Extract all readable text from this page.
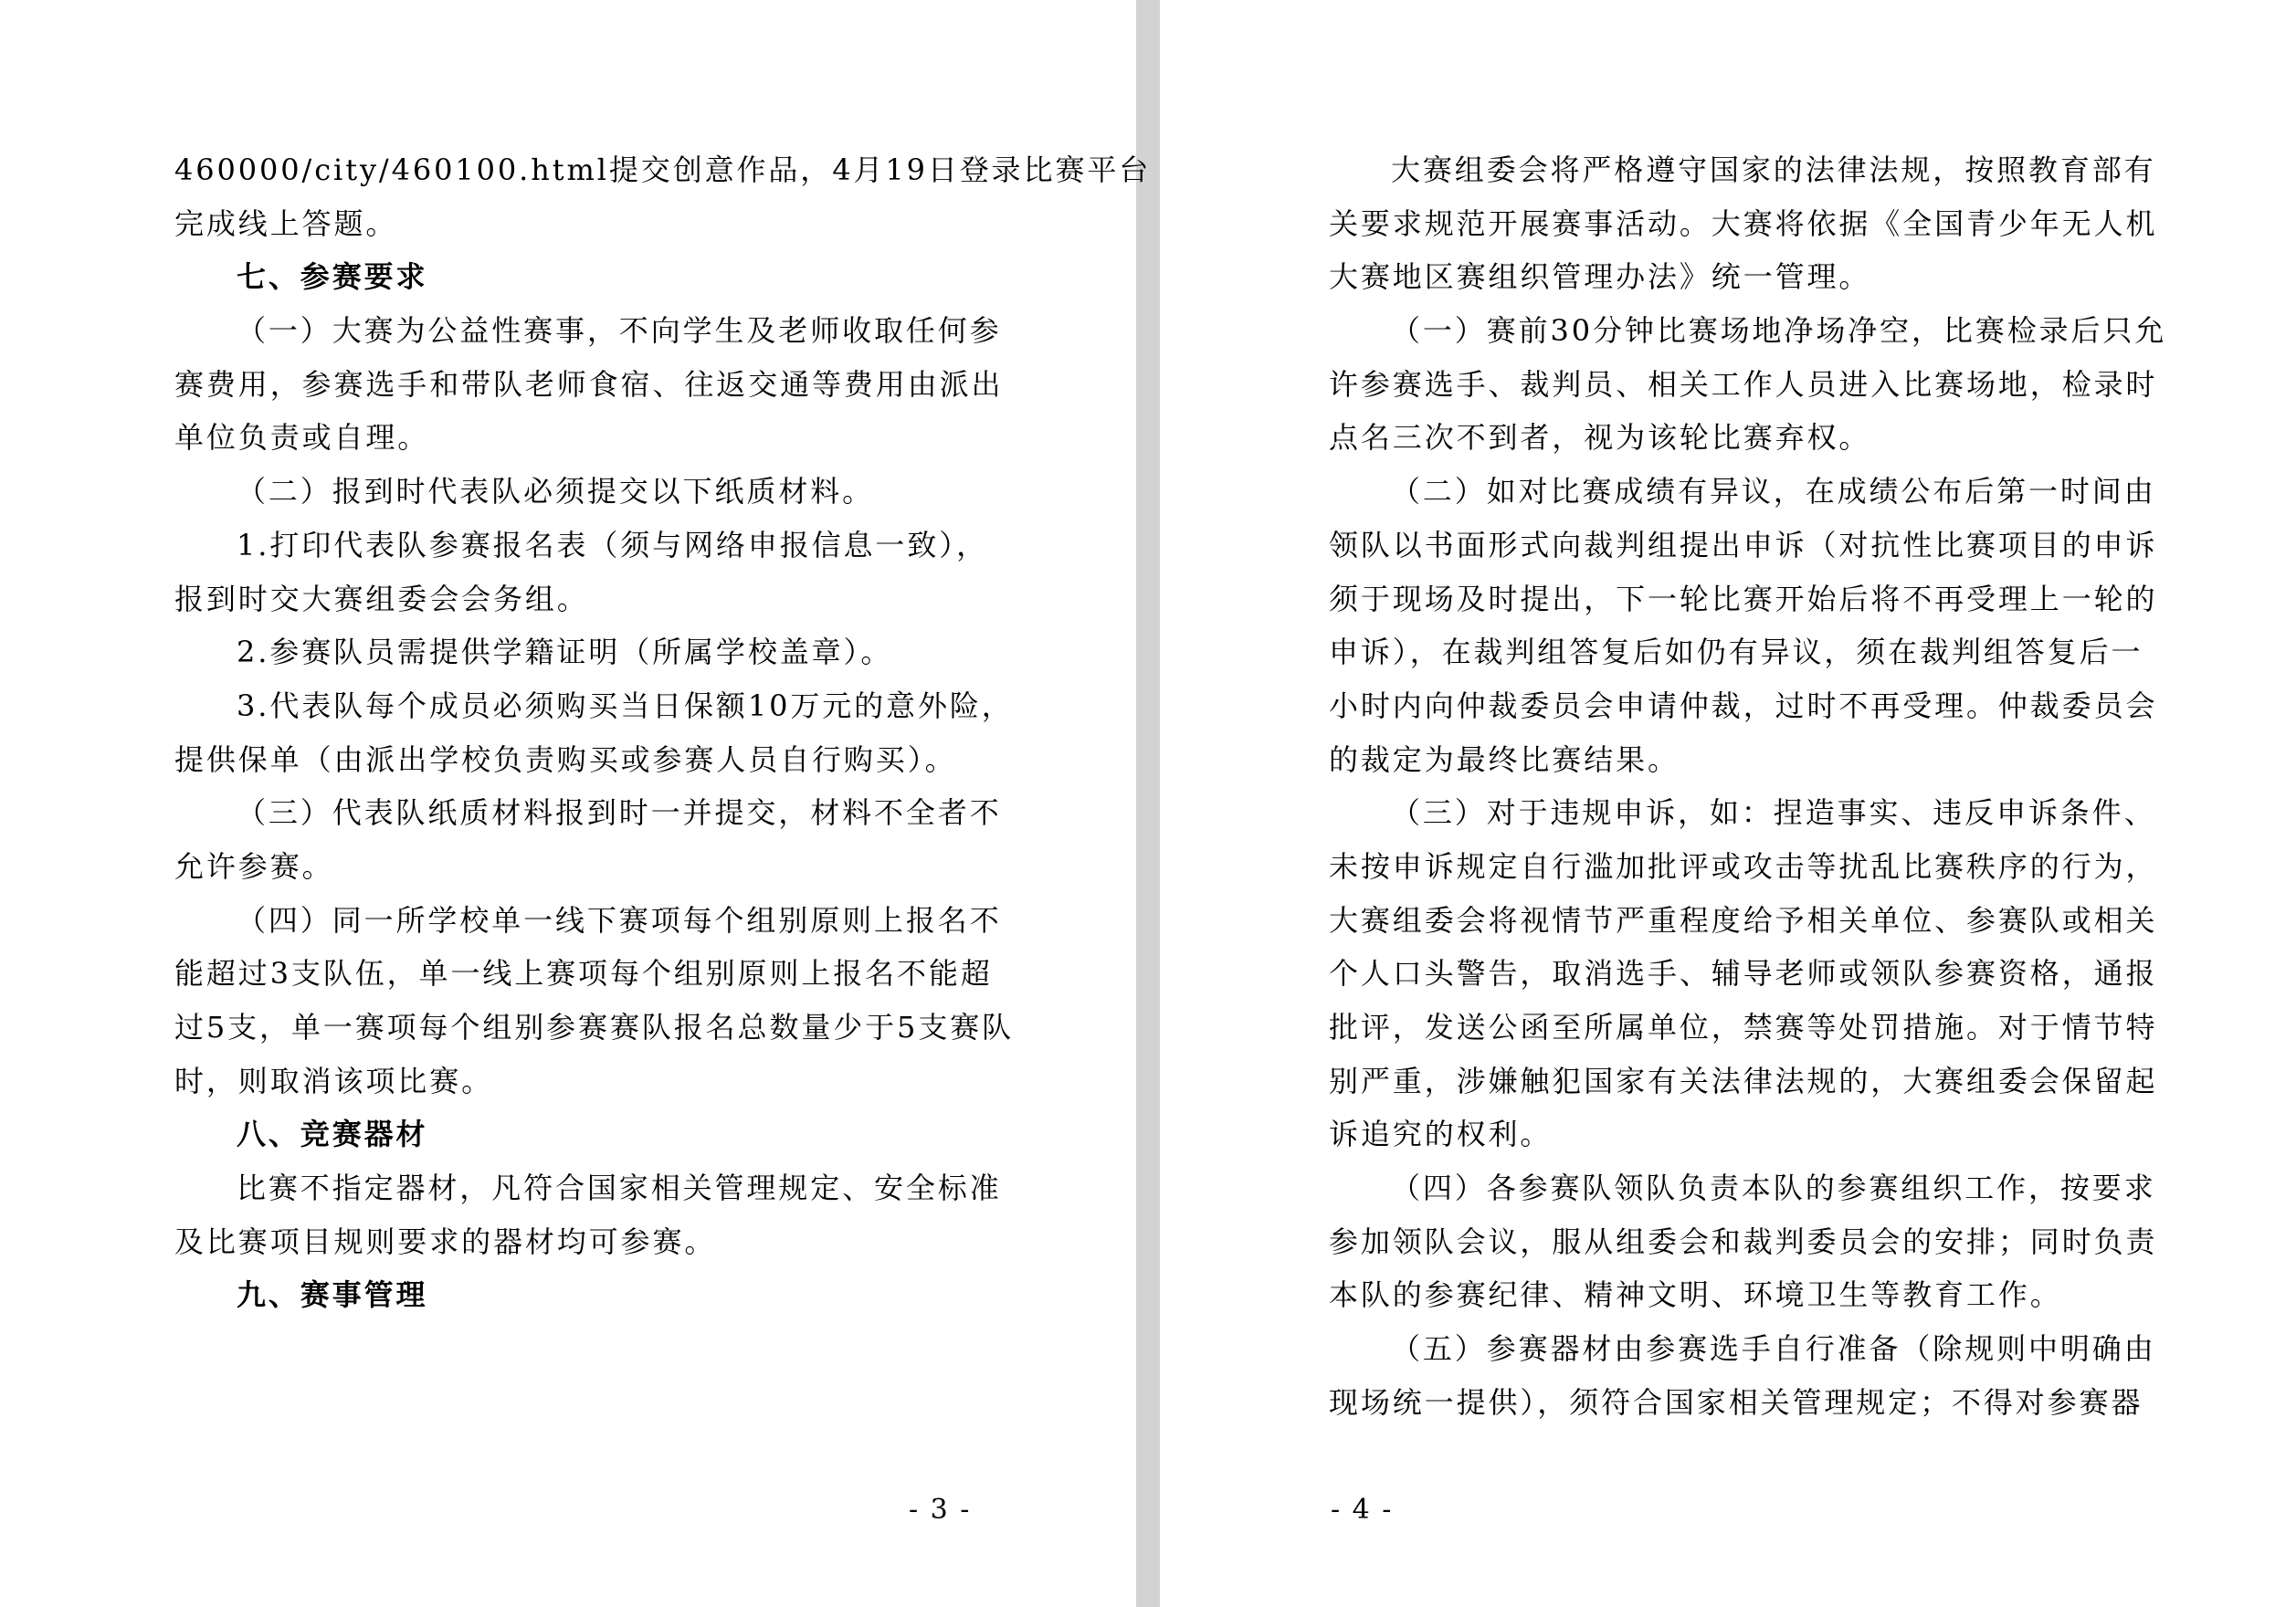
460000/city/460100.html提交创意作品，4月19日登录比赛平台
完成线上答题。
七、参赛要求
（一）大赛为公益性赛事，不向学生及老师收取任何参
赛费用，参赛选手和带队老师食宿、往返交通等费用由派出
单位负责或自理。
（二）报到时代表队必须提交以下纸质材料。
1.打印代表队参赛报名表（须与网络申报信息一致），
报到时交大赛组委会会务组。
2.参赛队员需提供学籍证明（所属学校盖章）。
3.代表队每个成员必须购买当日保额10万元的意外险，
提供保单（由派出学校负责购买或参赛人员自行购买）。
（三）代表队纸质材料报到时一并提交，材料不全者不
允许参赛。
（四）同一所学校单一线下赛项每个组别原则上报名不
能超过3支队伍，单一线上赛项每个组别原则上报名不能超
过5支，单一赛项每个组别参赛赛队报名总数量少于5支赛队
时，则取消该项比赛。
八、竞赛器材
比赛不指定器材，凡符合国家相关管理规定、安全标准
及比赛项目规则要求的器材均可参赛。
九、赛事管理
- 3 -
大赛组委会将严格遵守国家的法律法规，按照教育部有
关要求规范开展赛事活动。大赛将依据《全国青少年无人机
大赛地区赛组织管理办法》统一管理。
（一）赛前30分钟比赛场地净场净空，比赛检录后只允
许参赛选手、裁判员、相关工作人员进入比赛场地，检录时
点名三次不到者，视为该轮比赛弃权。
（二）如对比赛成绩有异议，在成绩公布后第一时间由
领队以书面形式向裁判组提出申诉（对抗性比赛项目的申诉
须于现场及时提出，下一轮比赛开始后将不再受理上一轮的
申诉），在裁判组答复后如仍有异议，须在裁判组答复后一
小时内向仲裁委员会申请仲裁，过时不再受理。仲裁委员会
的裁定为最终比赛结果。
（三）对于违规申诉，如：捏造事实、违反申诉条件、
未按申诉规定自行滥加批评或攻击等扰乱比赛秩序的行为，
大赛组委会将视情节严重程度给予相关单位、参赛队或相关
个人口头警告，取消选手、辅导老师或领队参赛资格，通报
批评，发送公函至所属单位，禁赛等处罚措施。对于情节特
别严重，涉嫌触犯国家有关法律法规的，大赛组委会保留起
诉追究的权利。
（四）各参赛队领队负责本队的参赛组织工作，按要求
参加领队会议，服从组委会和裁判委员会的安排；同时负责
本队的参赛纪律、精神文明、环境卫生等教育工作。
（五）参赛器材由参赛选手自行准备（除规则中明确由
现场统一提供），须符合国家相关管理规定；不得对参赛器
- 4 -
